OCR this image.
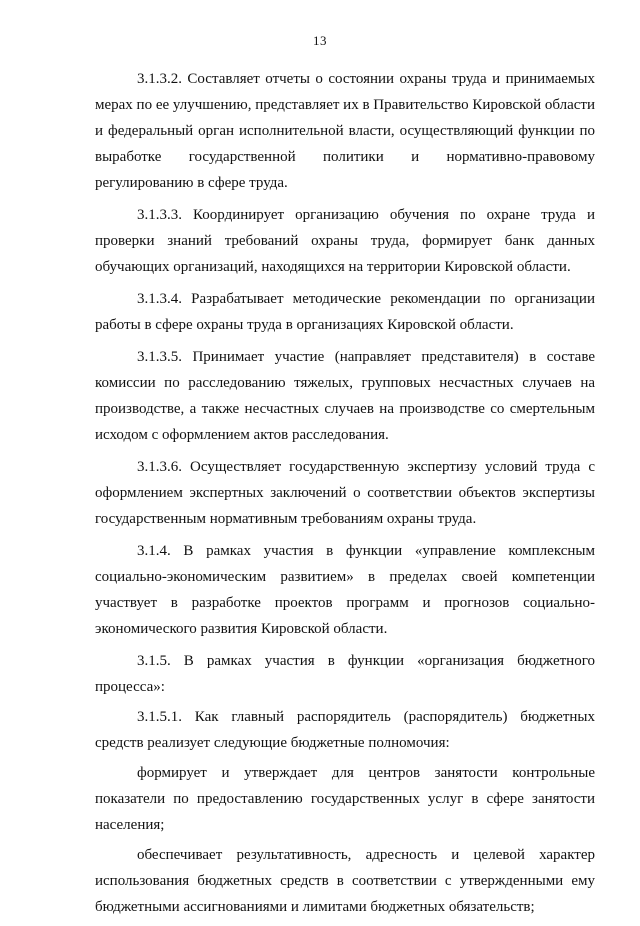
13

3.1.3.2. Составляет отчеты о состоянии охраны труда и принимаемых мерах по ее улучшению, представляет их в Правительство Кировской области и федеральный орган исполнительной власти, осуществляющий функции по выработке государственной политики и нормативно-правовому регулированию в сфере труда.

3.1.3.3. Координирует организацию обучения по охране труда и проверки знаний требований охраны труда, формирует банк данных обучающих организаций, находящихся на территории Кировской области.

3.1.3.4. Разрабатывает методические рекомендации по организации работы в сфере охраны труда в организациях Кировской области.

3.1.3.5. Принимает участие (направляет представителя) в составе комиссии по расследованию тяжелых, групповых несчастных случаев на производстве, а также несчастных случаев на производстве со смертельным исходом с оформлением актов расследования.

3.1.3.6. Осуществляет государственную экспертизу условий труда с оформлением экспертных заключений о соответствии объектов экспертизы государственным нормативным требованиям охраны труда.

3.1.4. В рамках участия в функции «управление комплексным социально-экономическим развитием» в пределах своей компетенции участвует в разработке проектов программ и прогнозов социально-экономического развития Кировской области.

3.1.5. В рамках участия в функции «организация бюджетного процесса»:

3.1.5.1. Как главный распорядитель (распорядитель) бюджетных средств реализует следующие бюджетные полномочия:

формирует и утверждает для центров занятости контрольные показатели по предоставлению государственных услуг в сфере занятости населения;

обеспечивает результативность, адресность и целевой характер использования бюджетных средств в соответствии с утвержденными ему бюджетными ассигнованиями и лимитами бюджетных обязательств;
